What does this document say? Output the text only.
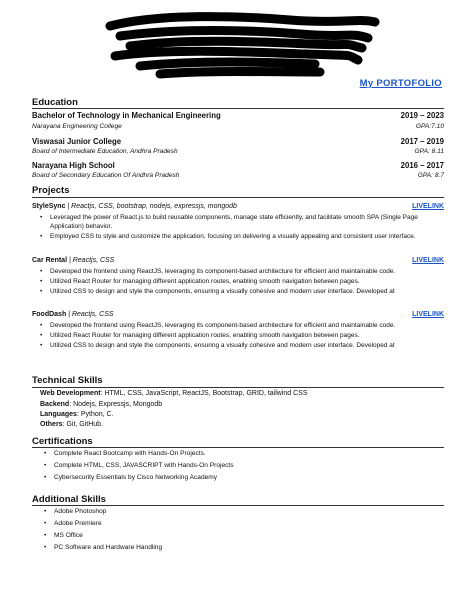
My PORTOFOLIO
Education
Bachelor of Technology in Mechanical Engineering	2019 – 2023
Narayana Engineering College	GPA:7.10
Viswasai Junior College	2017 – 2019
Board of Intermediate Education, Andhra Pradesh	GPA: 8.11
Narayana High School	2016 – 2017
Board of Secondary Education Of Andhra Pradesh	GPA: 8.7
Projects
StyleSync | Reactjs, CSS, bootstrap, nodejs, expressjs, mongodb	LIVELINK
• Leveraged the power of React.js to build reusable components, manage state efficiently, and facilitate smooth SPA (Single Page Application) behavior.
• Employed CSS to style and customize the application, focusing on delivering a visually appealing and consistent user interface.
Car Rental | Reactjs, CSS	LIVELINK
• Developed the frontend using ReactJS, leveraging its component-based architecture for efficient and maintainable code.
• Utilized React Router for managing different application routes, enabling smooth navigation between pages.
• Utilized CSS to design and style the components, ensuring a visually cohesive and modern user interface. Developed at
FoodDash | Reactjs, CSS	LIVELINK
• Developed the frontend using ReactJS, leveraging its component-based architecture for efficient and maintainable code.
• Utilized React Router for managing different application routes, enabling smooth navigation between pages.
• Utilized CSS to design and style the components, ensuring a visually cohesive and modern user interface. Developed at
Technical Skills
Web Development: HTML, CSS, JavaScript, ReactJS, Bootstrap, GRID, tailwind CSS
Backend: Nodejs, Expressjs, Mongodb
Languages: Python, C.
Others: Git, GitHub.
Certifications
• Complete React Bootcamp with Hands-On Projects.
• Complete HTML, CSS, JAVASCRIPT with Hands-On Projects
• Cybersecurity Essentials by Cisco Networking Academy
Additional Skills
• Adobe Photoshop
• Adobe Premiere
• MS Office
• PC Software and Hardware Handling
